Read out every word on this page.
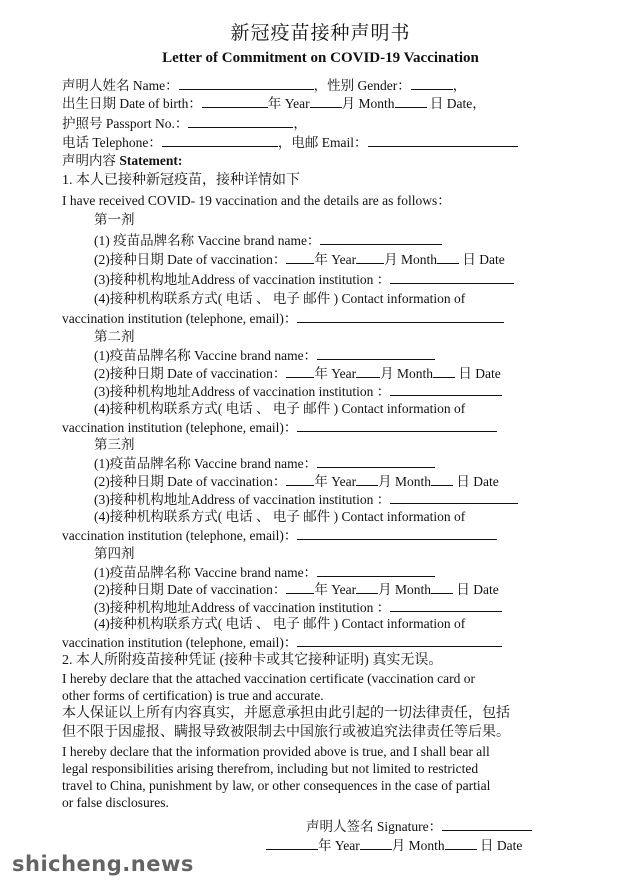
新冠疫苗接种声明书
Letter of Commitment on COVID-19 Vaccination
声明人姓名 Name：	，性别 Gender：	，
出生日期 Date of birth：	年 Year 月 Month	日 Date，
护照号 Passport No.：	，
电话 Telephone：	，电邮 Email：
声明内容 Statement:
1. 本人已接种新冠疫苗，接种详情如下
I have received COVID- 19 vaccination and the details are as follows：
第一剂
(1) 疫苗品牌名称 Vaccine brand name：
(2)接种日期 Date of vaccination： 年 Year 月 Month 日 Date
(3)接种机构地址Address of vaccination institution ：
(4)接种机构联系方式( 电话 、 电子 邮件 ) Contact information of
vaccination institution (telephone, email)：
第二剂
(1)疫苗品牌名称 Vaccine brand name：
(2)接种日期 Date of vaccination： 年 Year 月 Month 日 Date
(3)接种机构地址Address of vaccination institution ：
(4)接种机构联系方式( 电话 、 电子 邮件 ) Contact information of
vaccination institution (telephone, email)：
第三剂
(1)疫苗品牌名称 Vaccine brand name：
(2)接种日期 Date of vaccination： 年 Year 月 Month 日 Date
(3)接种机构地址Address of vaccination institution ：
(4)接种机构联系方式( 电话 、 电子 邮件 ) Contact information of
vaccination institution (telephone, email)：
第四剂
(1)疫苗品牌名称 Vaccine brand name：
(2)接种日期 Date of vaccination： 年 Year 月 Month 日 Date
(3)接种机构地址Address of vaccination institution ：
(4)接种机构联系方式( 电话 、 电子 邮件 ) Contact information of
vaccination institution (telephone, email)：
2. 本人所附疫苗接种凭证 (接种卡或其它接种证明) 真实无误。
I hereby declare that the attached vaccination certificate (vaccination card or
other forms of certification) is true and accurate.
本人保证以上所有内容真实，并愿意承担由此引起的一切法律责任，包括
但不限于因虚报、瞒报导致被限制去中国旅行或被追究法律责任等后果。
I hereby declare that the information provided above is true, and I shall bear all
legal responsibilities arising therefrom, including but not limited to restricted
travel to China, punishment by law, or other consequences in the case of partial
or false disclosures.
声明人签名 Signature：
年 Year 月 Month	日 Date
shicheng.news
